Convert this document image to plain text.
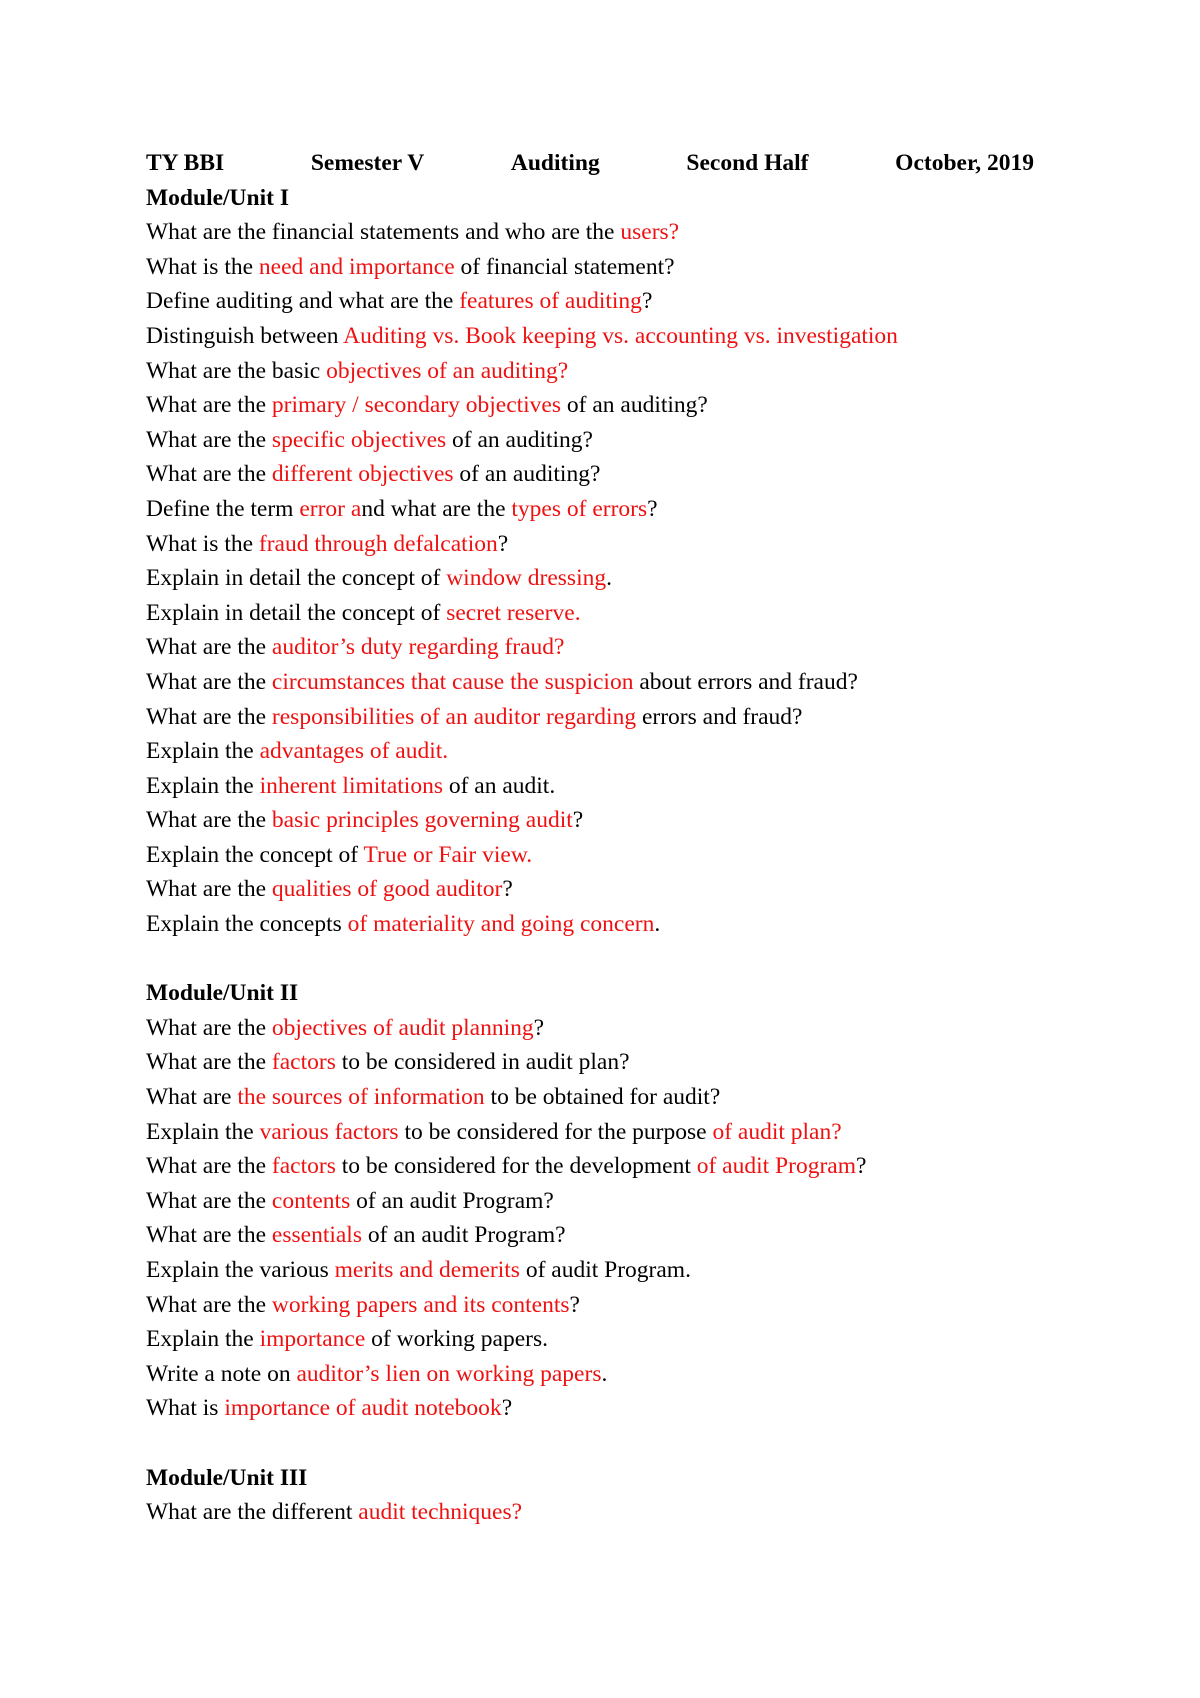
TY BBI	Semester V	Auditing	Second Half	October, 2019
Module/Unit I
What are the financial statements and who are the users?
What is the need and importance of financial statement?
Define auditing and what are the features of auditing?
Distinguish between Auditing vs. Book keeping vs. accounting vs. investigation
What are the basic objectives of an auditing?
What are the primary / secondary objectives of an auditing?
What are the specific objectives of an auditing?
What are the different objectives of an auditing?
Define the term error and what are the types of errors?
What is the fraud through defalcation?
Explain in detail the concept of window dressing.
Explain in detail the concept of secret reserve.
What are the auditor’s duty regarding fraud?
What are the circumstances that cause the suspicion about errors and fraud?
What are the responsibilities of an auditor regarding errors and fraud?
Explain the advantages of audit.
Explain the inherent limitations of an audit.
What are the basic principles governing audit?
Explain the concept of True or Fair view.
What are the qualities of good auditor?
Explain the concepts of materiality and going concern.
Module/Unit II
What are the objectives of audit planning?
What are the factors to be considered in audit plan?
What are the sources of information to be obtained for audit?
Explain the various factors to be considered for the purpose of audit plan?
What are the factors to be considered for the development of audit Program?
What are the contents of an audit Program?
What are the essentials of an audit Program?
Explain the various merits and demerits of audit Program.
What are the working papers and its contents?
Explain the importance of working papers.
Write a note on auditor’s lien on working papers.
What is importance of audit notebook?
Module/Unit III
What are the different audit techniques?
